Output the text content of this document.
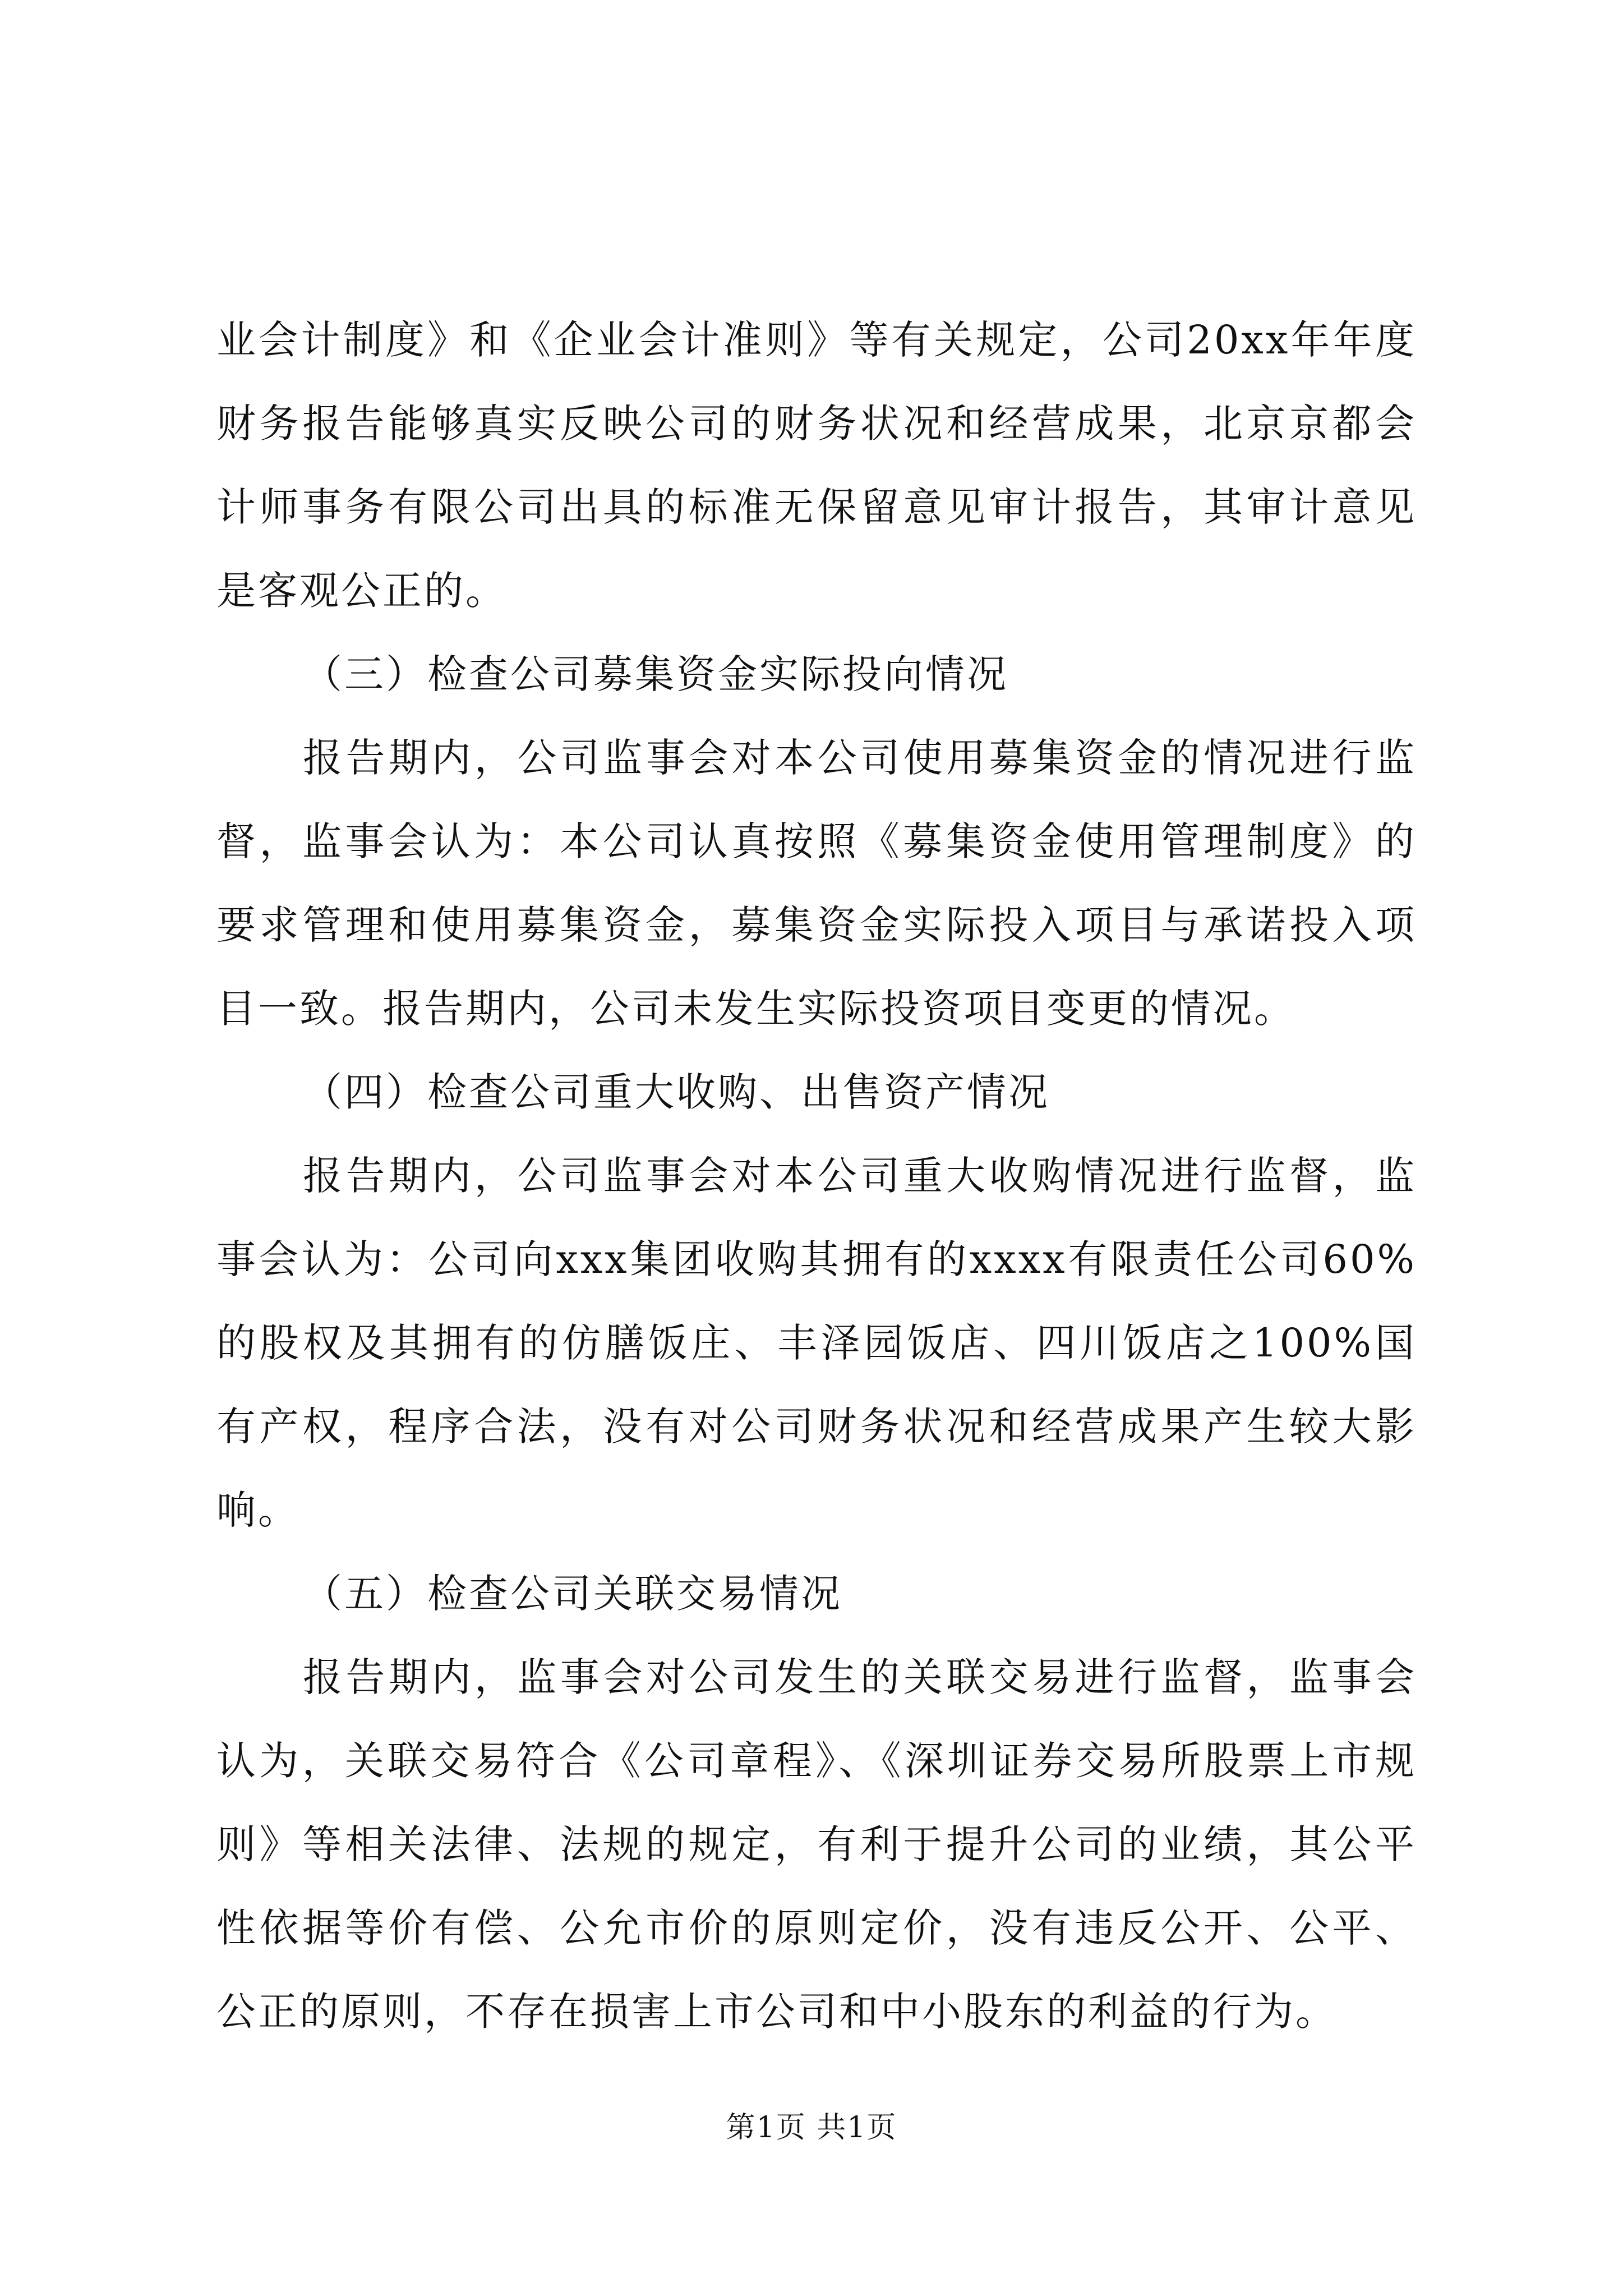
业会计制度》和《企业会计准则》等有关规定，公司20xx年年度财务报告能够真实反映公司的财务状况和经营成果，北京京都会计师事务有限公司出具的标准无保留意见审计报告，其审计意见是客观公正的。

（三）检查公司募集资金实际投向情况

报告期内，公司监事会对本公司使用募集资金的情况进行监督，监事会认为：本公司认真按照《募集资金使用管理制度》的要求管理和使用募集资金，募集资金实际投入项目与承诺投入项目一致。报告期内，公司未发生实际投资项目变更的情况。

（四）检查公司重大收购、出售资产情况

报告期内，公司监事会对本公司重大收购情况进行监督，监事会认为：公司向xxx集团收购其拥有的xxxx有限责任公司60%的股权及其拥有的仿膳饭庄、丰泽园饭店、四川饭店之100%国有产权，程序合法，没有对公司财务状况和经营成果产生较大影响。

（五）检查公司关联交易情况

报告期内，监事会对公司发生的关联交易进行监督，监事会认为，关联交易符合《公司章程》、《深圳证券交易所股票上市规则》等相关法律、法规的规定，有利于提升公司的业绩，其公平性依据等价有偿、公允市价的原则定价，没有违反公开、公平、公正的原则，不存在损害上市公司和中小股东的利益的行为。

第1页 共1页
